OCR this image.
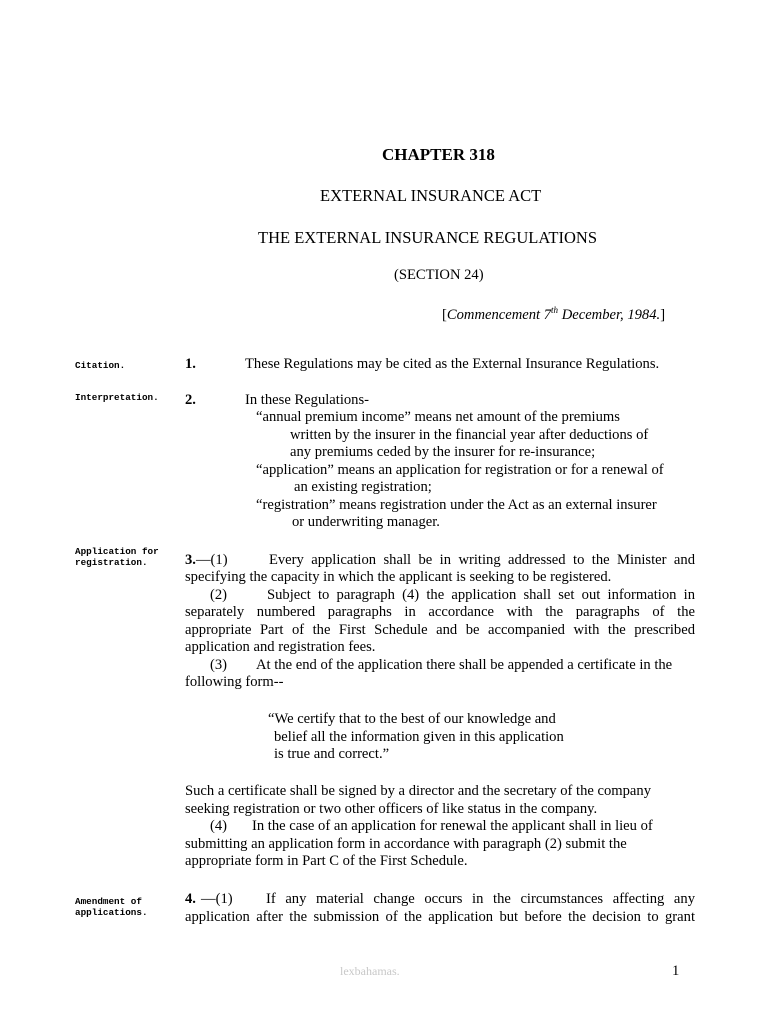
CHAPTER 318
EXTERNAL INSURANCE ACT
THE EXTERNAL INSURANCE REGULATIONS
(SECTION 24)
[Commencement 7th December, 1984.]
Citation.	1.	These Regulations may be cited as the External Insurance Regulations.
Interpretation. 2.	In these Regulations-
“annual premium income” means net amount of the premiums
written by the insurer in the financial year after deductions of
any premiums ceded by the insurer for re-insurance;
“application” means an application for registration or for a renewal of
an existing registration;
“registration” means registration under the Act as an external insurer
or underwriting manager.
Application for
registration.	3. —(1)	Every application shall be in writing addressed to the Minister and
specifying the capacity in which the applicant is seeking to be registered.
(2)	Subject to paragraph (4) the application shall set out information in
separately numbered paragraphs in accordance with the paragraphs of the
appropriate Part of the First Schedule and be accompanied with the prescribed
application and registration fees.
(3)	At the end of the application there shall be appended a certificate in the
following form--
“We certify that to the best of our knowledge and
belief all the information given in this application
is true and correct.”
Such a certificate shall be signed by a director and the secretary of the company
seeking registration or two other officers of like status in the company.
(4)	In the case of an application for renewal the applicant shall in lieu of
submitting an application form in accordance with paragraph (2) submit the
appropriate form in Part C of the First Schedule.
Amendment of
applications.
4. —(1)	If any material change occurs in the circumstances affecting any
application after the submission of the application but before the decision to grant
lexbahamas.	1
